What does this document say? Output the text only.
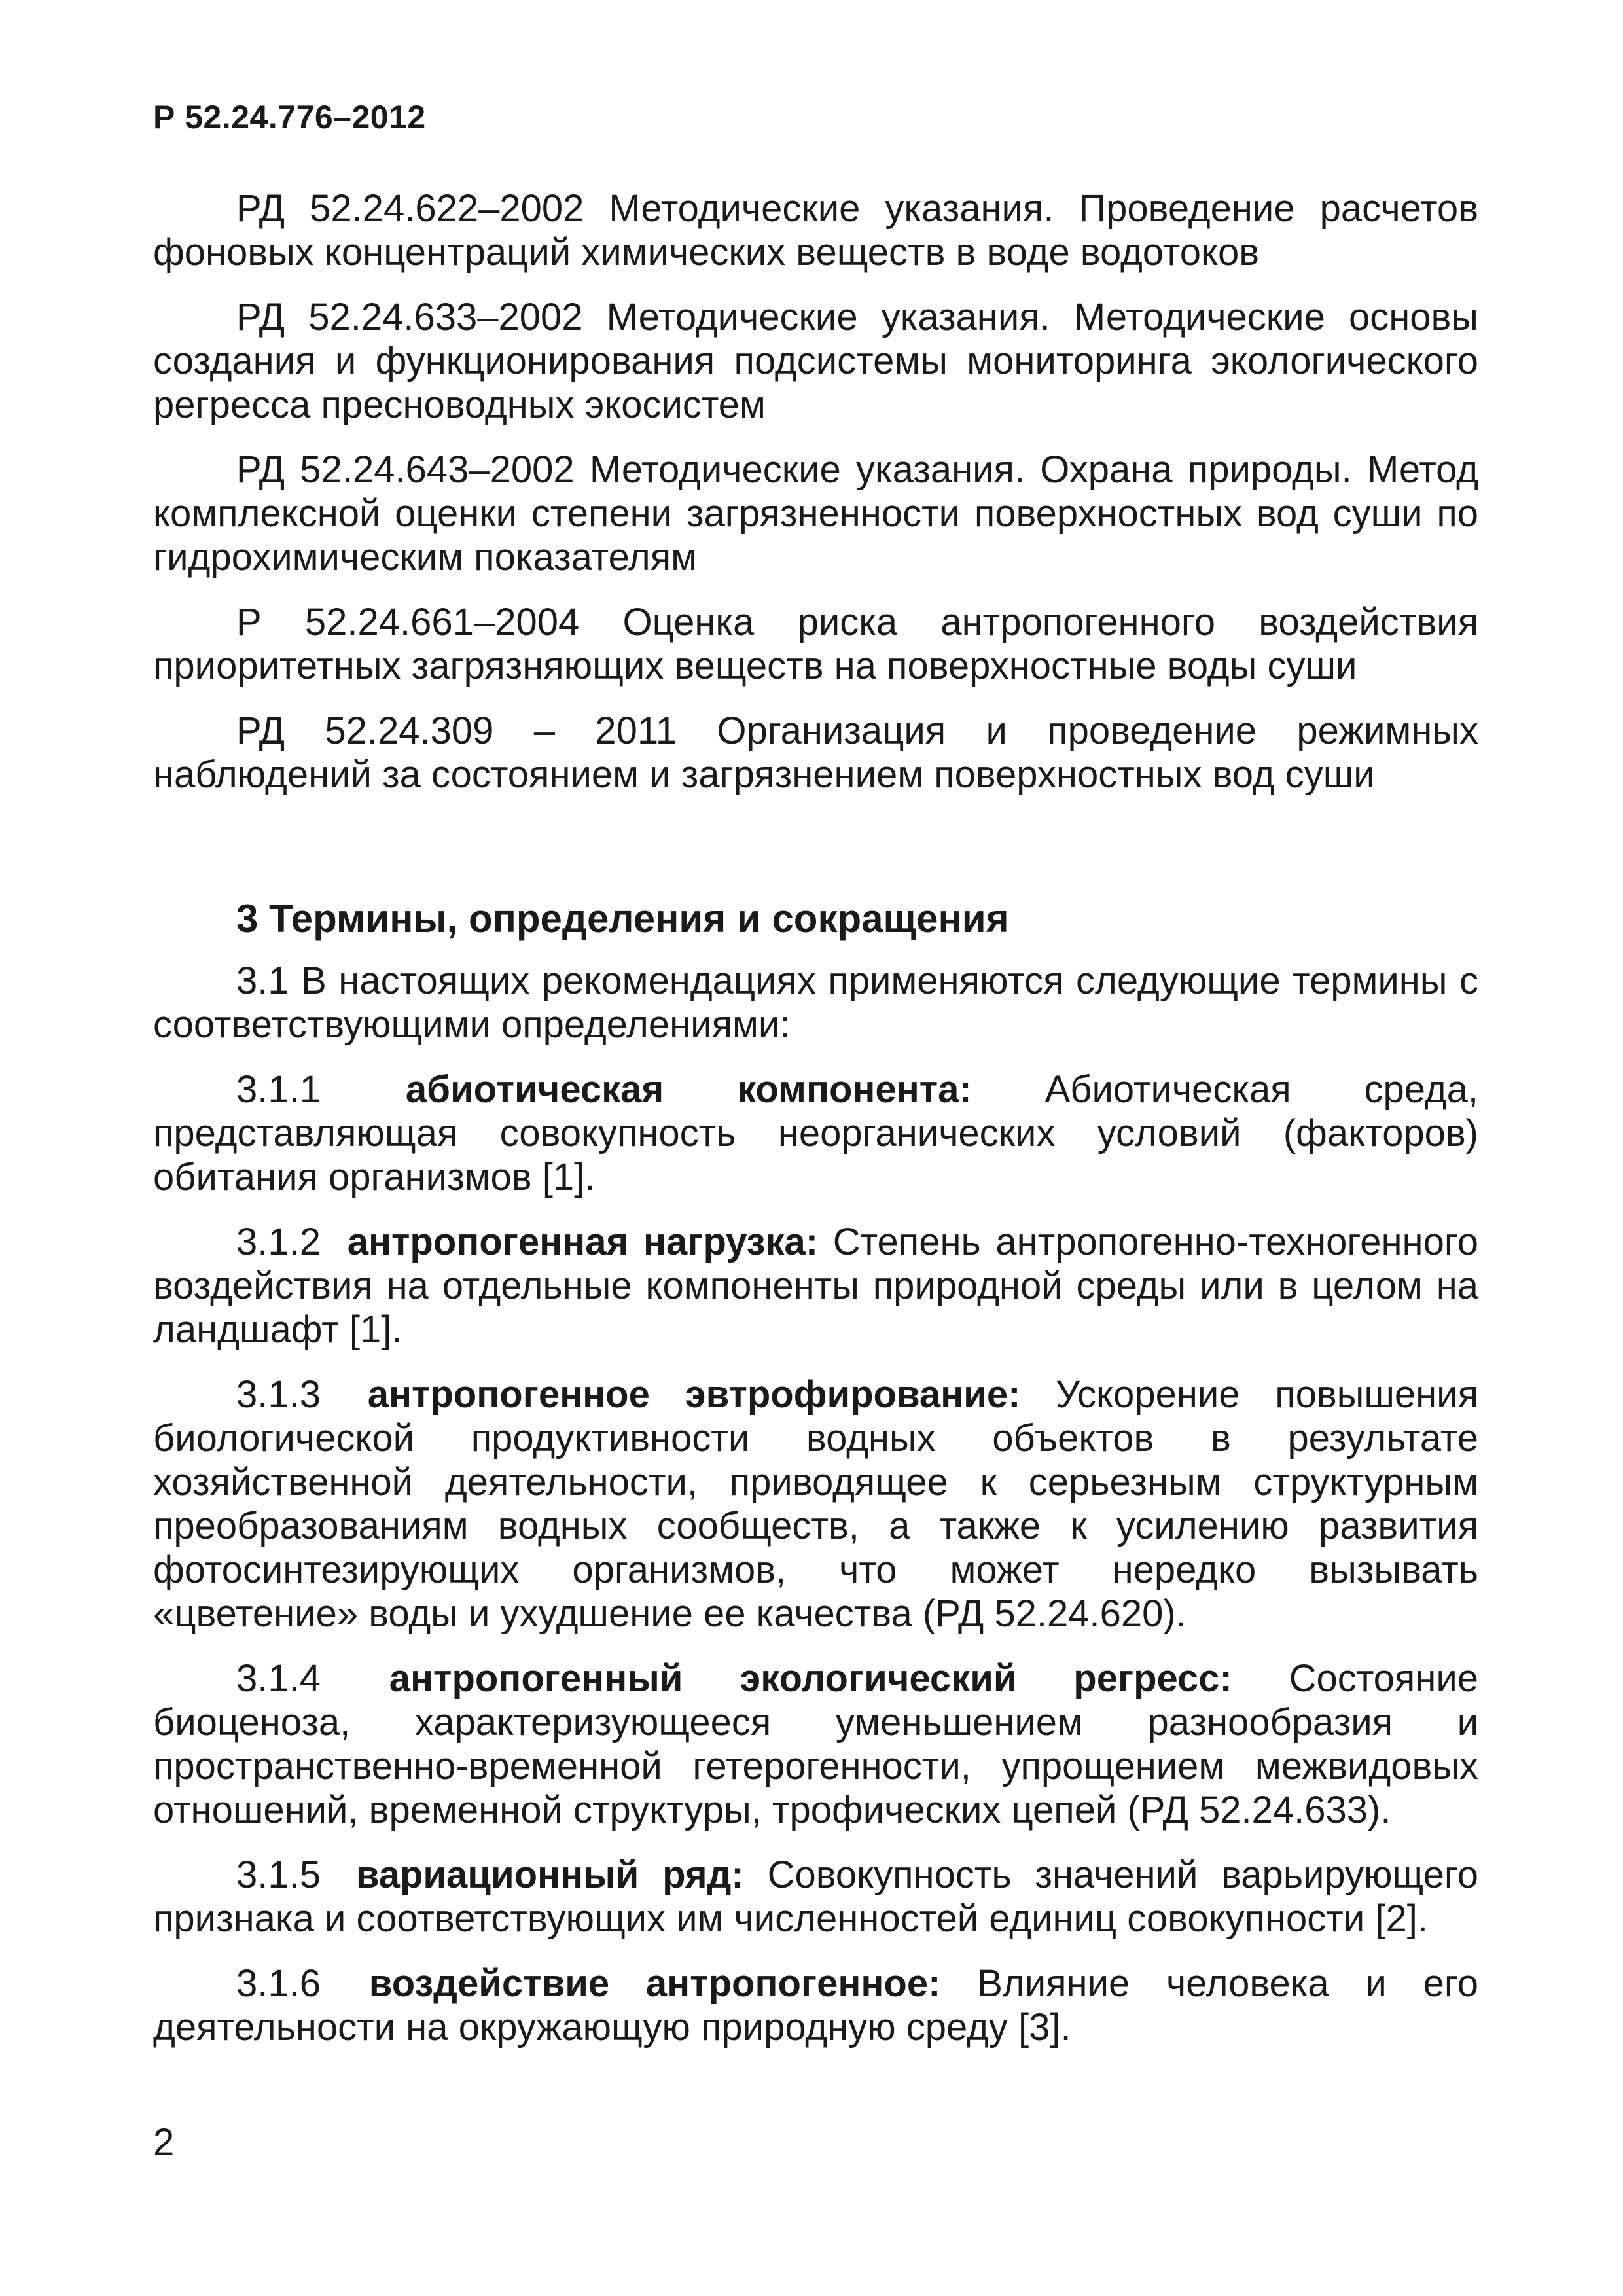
Р 52.24.776–2012

РД 52.24.622–2002 Методические указания. Проведение расчетов фоновых концентраций химических веществ в воде водотоков

РД 52.24.633–2002 Методические указания. Методические основы создания и функционирования подсистемы мониторинга экологического регресса пресноводных экосистем

РД 52.24.643–2002 Методические указания. Охрана природы. Метод комплексной оценки степени загрязненности поверхностных вод суши по гидрохимическим показателям

Р 52.24.661–2004 Оценка риска антропогенного воздействия приоритетных загрязняющих веществ на поверхностные воды суши

РД 52.24.309 – 2011 Организация и проведение режимных наблюдений за состоянием и загрязнением поверхностных вод суши

3 Термины, определения и сокращения

3.1 В настоящих рекомендациях применяются следующие термины с соответствующими определениями:

3.1.1 абиотическая компонента: Абиотическая среда, представляющая совокупность неорганических условий (факторов) обитания организмов [1].

3.1.2 антропогенная нагрузка: Степень антропогенно-техногенного воздействия на отдельные компоненты природной среды или в целом на ландшафт [1].

3.1.3 антропогенное эвтрофирование: Ускорение повышения биологической продуктивности водных объектов в результате хозяйственной деятельности, приводящее к серьезным структурным преобразованиям водных сообществ, а также к усилению развития фотосинтезирующих организмов, что может нередко вызывать «цветение» воды и ухудшение ее качества (РД 52.24.620).

3.1.4 антропогенный экологический регресс: Состояние биоценоза, характеризующееся уменьшением разнообразия и пространственно-временной гетерогенности, упрощением межвидовых отношений, временной структуры, трофических цепей (РД 52.24.633).

3.1.5 вариационный ряд: Совокупность значений варьирующего признака и соответствующих им численностей единиц совокупности [2].

3.1.6 воздействие антропогенное: Влияние человека и его деятельности на окружающую природную среду [3].

2
